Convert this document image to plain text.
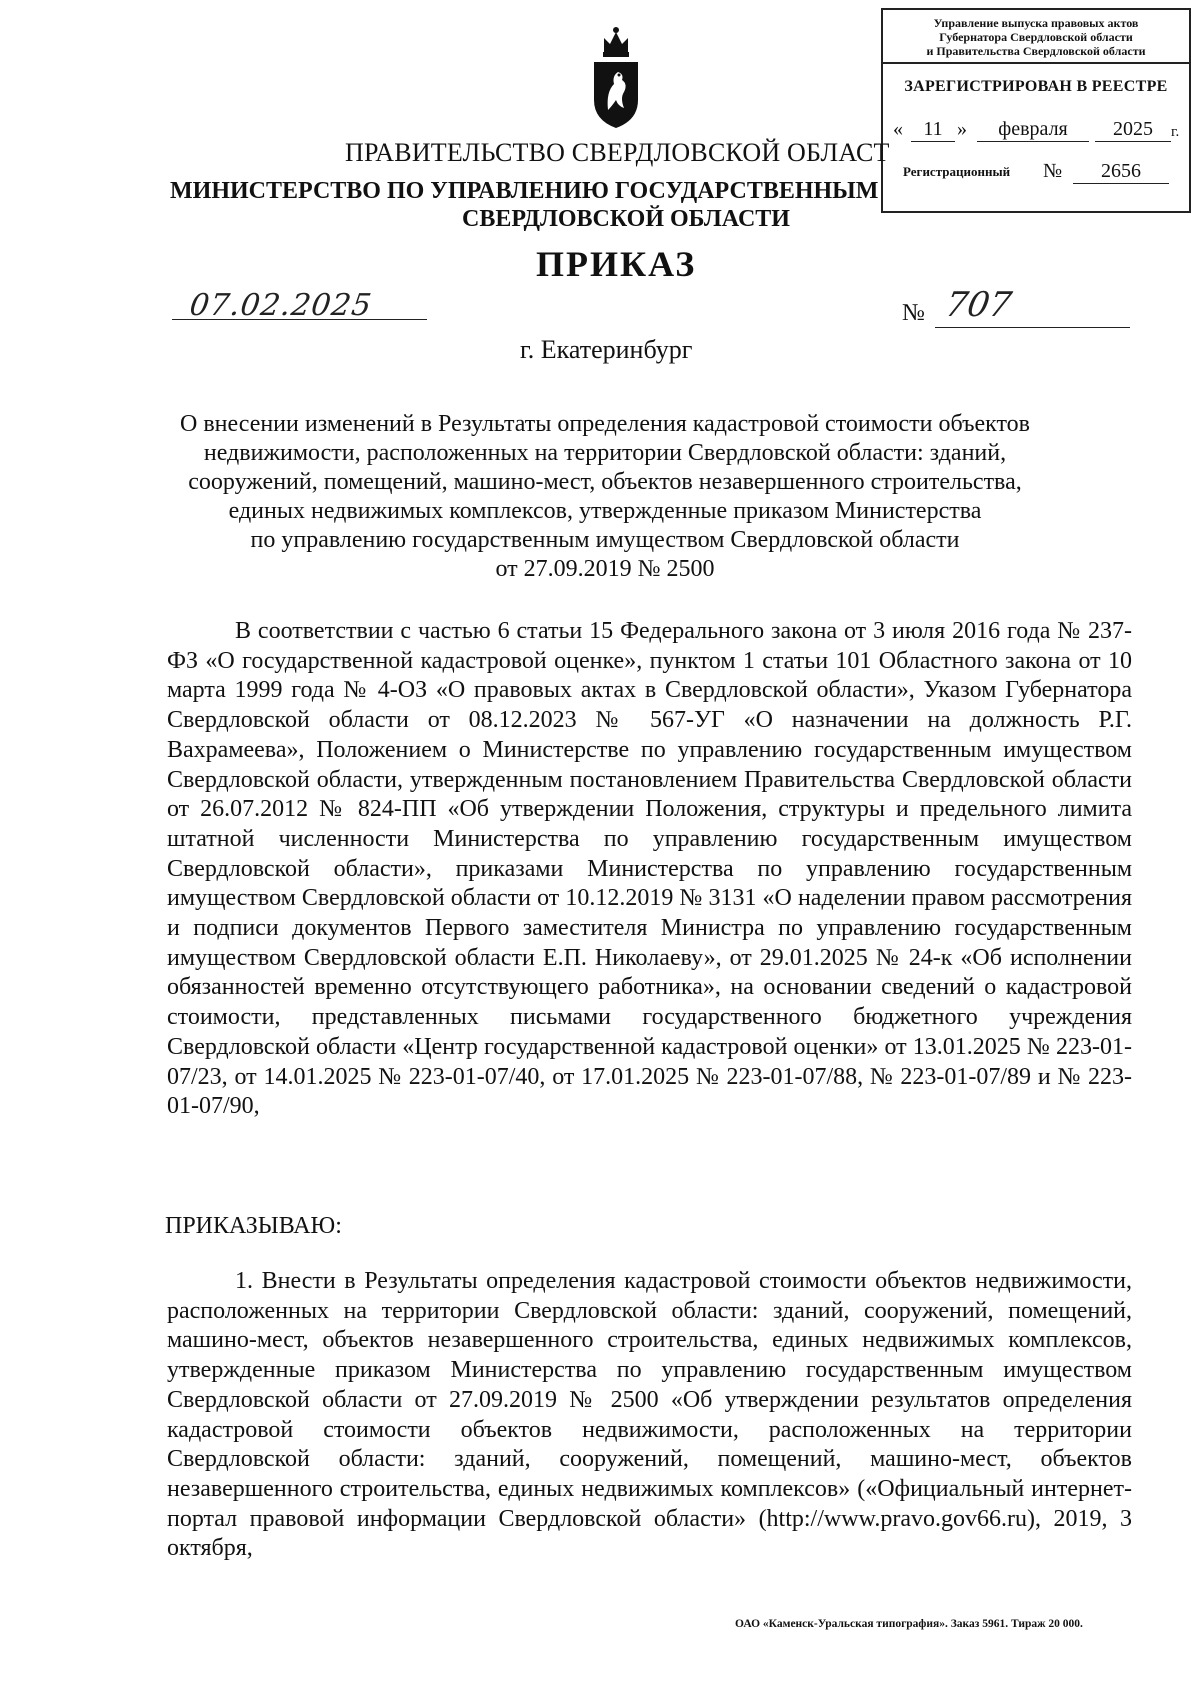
Управление выпуска правовых актов
Губернатора Свердловской области
и Правительства Свердловской области
ЗАРЕГИСТРИРОВАН В РЕЕСТРЕ
«	11 »	февраля	2025	г.
Регистрационный №	2656
ПРАВИТЕЛЬСТВО СВЕРДЛОВСКОЙ ОБЛАСТ
МИНИСТЕРСТВО ПО УПРАВЛЕНИЮ ГОСУДАРСТВЕННЫМ
СВЕРДЛОВСКОЙ ОБЛАСТИ
ПРИКАЗ
07.02.2025	№ 707
г. Екатеринбург
О внесении изменений в Результаты определения кадастровой стоимости объектов
недвижимости, расположенных на территории Свердловской области: зданий,
сооружений, помещений, машино-мест, объектов незавершенного строительства,
единых недвижимых комплексов, утвержденные приказом Министерства
по управлению государственным имуществом Свердловской области
от 27.09.2019 № 2500
В соответствии с частью 6 статьи 15 Федерального закона от 3 июля 2016 года № 237-ФЗ «О государственной кадастровой оценке», пунктом 1 статьи 101 Областного закона от 10 марта 1999 года № 4-ОЗ «О правовых актах в Свердловской области», Указом Губернатора Свердловской области от 08.12.2023 № 567-УГ «О назначении на должность Р.Г. Вахрамеева», Положением о Министерстве по управлению государственным имуществом Свердловской области, утвержденным постановлением Правительства Свердловской области от 26.07.2012 № 824-ПП «Об утверждении Положения, структуры и предельного лимита штатной численности Министерства по управлению государственным имуществом Свердловской области», приказами Министерства по управлению государственным имуществом Свердловской области от 10.12.2019 № 3131 «О наделении правом рассмотрения и подписи документов Первого заместителя Министра по управлению государственным имуществом Свердловской области Е.П. Николаеву», от 29.01.2025 № 24-к «Об исполнении обязанностей временно отсутствующего работника», на основании сведений о кадастровой стоимости, представленных письмами государственного бюджетного учреждения Свердловской области «Центр государственной кадастровой оценки» от 13.01.2025 № 223-01-07/23, от 14.01.2025 № 223-01-07/40, от 17.01.2025 № 223-01-07/88, № 223-01-07/89 и № 223-01-07/90,
ПРИКАЗЫВАЮ:
1. Внести в Результаты определения кадастровой стоимости объектов недвижимости, расположенных на территории Свердловской области: зданий, сооружений, помещений, машино-мест, объектов незавершенного строительства, единых недвижимых комплексов, утвержденные приказом Министерства по управлению государственным имуществом Свердловской области от 27.09.2019 № 2500 «Об утверждении результатов определения кадастровой стоимости объектов недвижимости, расположенных на территории Свердловской области: зданий, сооружений, помещений, машино-мест, объектов незавершенного строительства, единых недвижимых комплексов» («Официальный интернет-портал правовой информации Свердловской области» (http://www.pravo.gov66.ru), 2019, 3 октября,
ОАО «Каменск-Уральская типография». Заказ 5961. Тираж 20 000.
